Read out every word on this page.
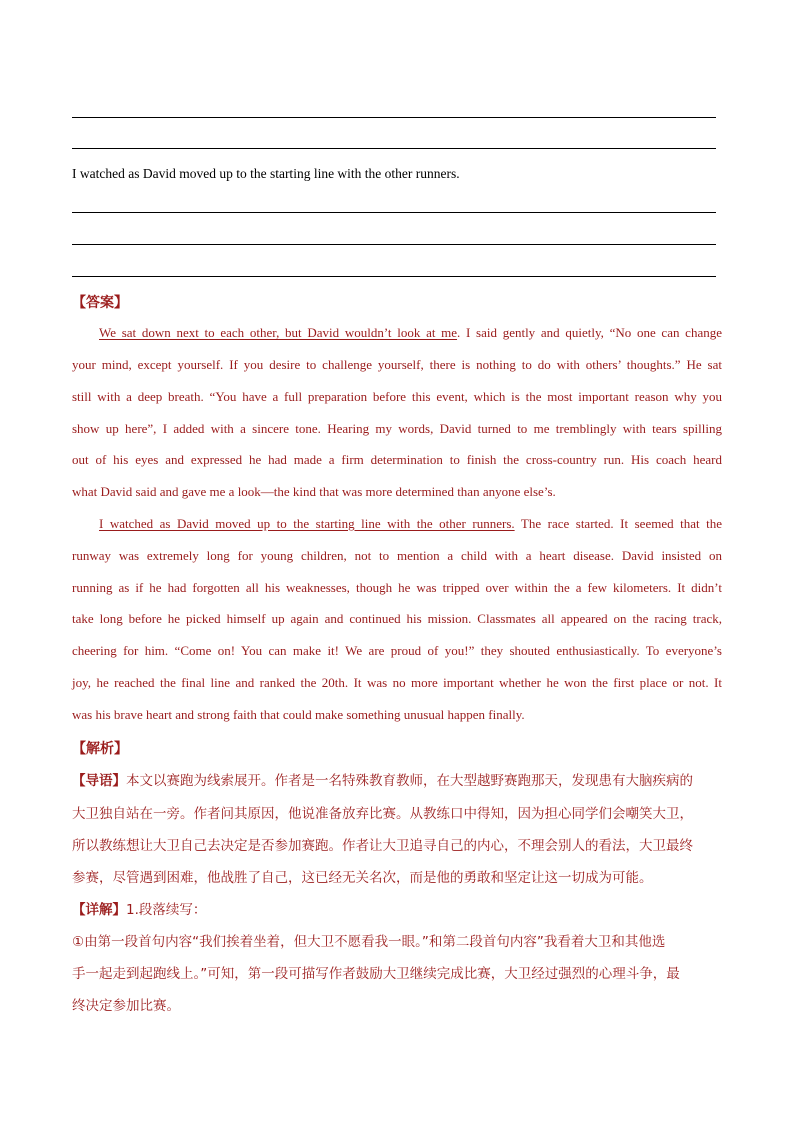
I watched as David moved up to the starting line with the other runners.
【答案】
We sat down next to each other, but David wouldn’t look at me. I said gently and quietly, “No one can change
your mind, except yourself. If you desire to challenge yourself, there is nothing to do with others’ thoughts.” He sat
still with a deep breath. “You have a full preparation before this event, which is the most important reason why you
show up here”, I added with a sincere tone. Hearing my words, David turned to me tremblingly with tears spilling
out of his eyes and expressed he had made a firm determination to finish the cross-country run. His coach heard
what David said and gave me a look—the kind that was more determined than anyone else’s.
I watched as David moved up to the starting line with the other runners. The race started. It seemed that the
runway was extremely long for young children, not to mention a child with a heart disease. David insisted on
running as if he had forgotten all his weaknesses, though he was tripped over within the a few kilometers. It didn’t
take long before he picked himself up again and continued his mission. Classmates all appeared on the racing track,
cheering for him. “Come on! You can make it! We are proud of you!” they shouted enthusiastically. To everyone’s
joy, he reached the final line and ranked the 20th. It was no more important whether he won the first place or not. It
was his brave heart and strong faith that could make something unusual happen finally.
【解析】
【导语】本文以赛跑为线索展开。作者是一名特殊教育教师，在大型越野赛跑那天，发现患有大脑疾病的
大卫独自站在一旁。作者问其原因，他说准备放弃比赛。从教练口中得知，因为担心同学们会嘲笑大卫，
所以教练想让大卫自己去决定是否参加赛跑。作者让大卫追寻自己的内心，不理会别人的看法，大卫最终
参赛，尽管遇到困难，他战胜了自己，这已经无关名次，而是他的勇敢和坚定让这一切成为可能。
【详解】1.段落续写：
①由第一段首句内容“我们挨着坐着，但大卫不愿看我一眼。”和第二段首句内容”我看着大卫和其他选
手一起走到起跑线上。”可知，第一段可描写作者鼓励大卫继续完成比赛，大卫经过强烈的心理斗争，最
终决定参加比赛。
